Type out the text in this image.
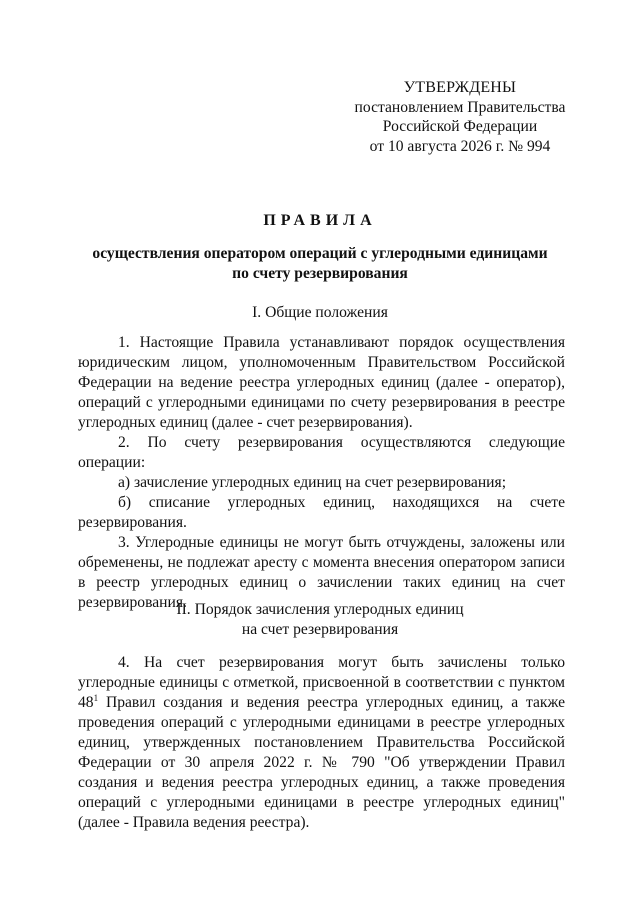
УТВЕРЖДЕНЫ
постановлением Правительства
Российской Федерации
от 10 августа 2026 г. № 994
ПРАВИЛА
осуществления оператором операций с углеродными единицами
по счету резервирования
I. Общие положения

1. Настоящие Правила устанавливают порядок осуществления юридическим лицом, уполномоченным Правительством Российской Федерации на ведение реестра углеродных единиц (далее - оператор), операций с углеродными единицами по счету резервирования в реестре углеродных единиц (далее - счет резервирования).

2. По счету резервирования осуществляются следующие операции:

а) зачисление углеродных единиц на счет резервирования;

б) списание углеродных единиц, находящихся на счете резервирования.

3. Углеродные единицы не могут быть отчуждены, заложены или обременены, не подлежат аресту с момента внесения оператором записи в реестр углеродных единиц о зачислении таких единиц на счет резервирования.

II. Порядок зачисления углеродных единиц
на счет резервирования

4. На счет резервирования могут быть зачислены только углеродные единицы с отметкой, присвоенной в соответствии с пунктом $48^1$ Правил создания и ведения реестра углеродных единиц, а также проведения операций с углеродными единицами в реестре углеродных единиц, утвержденных постановлением Правительства Российской Федерации от 30 апреля 2022 г. № 790 "Об утверждении Правил создания и ведения реестра углеродных единиц, а также проведения операций с углеродными единицами в реестре углеродных единиц" (далее - Правила ведения реестра).
